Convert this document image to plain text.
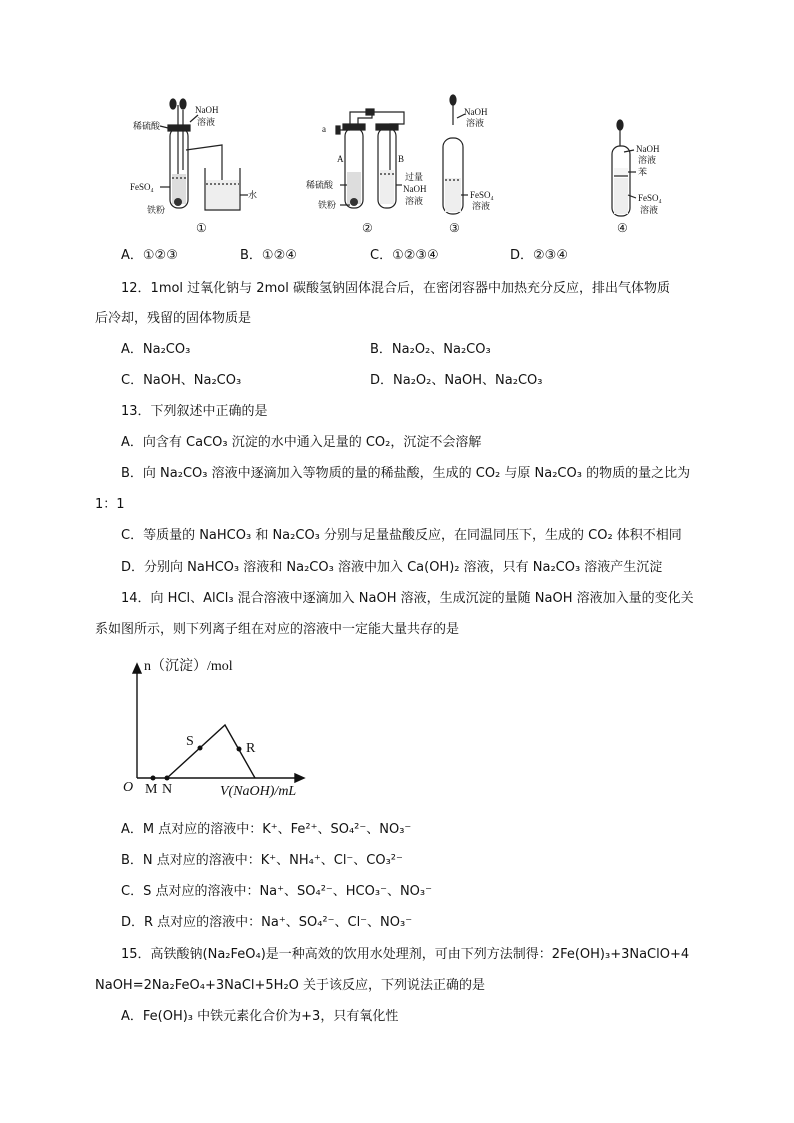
稀硫酸
NaOH
溶液
FeSO₄
铁粉
水
①
a
A	B
稀硫酸
铁粉
过量
NaOH
溶液
②
NaOH
溶液
FeSO₄
溶液
③
NaOH
溶液
苯
FeSO₄
溶液
④
A．①②③	B．①②④	C．①②③④	D．②③④
12．1mol 过氧化钠与 2mol 碳酸氢钠固体混合后，在密闭容器中加热充分反应，排出气体物质
后冷却，残留的固体物质是
A．Na₂CO₃	B．Na₂O₂、Na₂CO₃
C．NaOH、Na₂CO₃	D．Na₂O₂、NaOH、Na₂CO₃
13．下列叙述中正确的是
A．向含有 CaCO₃ 沉淀的水中通入足量的 CO₂，沉淀不会溶解
B．向 Na₂CO₃ 溶液中逐滴加入等物质的量的稀盐酸，生成的 CO₂ 与原 Na₂CO₃ 的物质的量之比为
1：1
C．等质量的 NaHCO₃ 和 Na₂CO₃ 分别与足量盐酸反应，在同温同压下，生成的 CO₂ 体积不相同
D．分别向 NaHCO₃ 溶液和 Na₂CO₃ 溶液中加入 Ca(OH)₂ 溶液，只有 Na₂CO₃ 溶液产生沉淀
14．向 HCl、AlCl₃ 混合溶液中逐滴加入 NaOH 溶液，生成沉淀的量随 NaOH 溶液加入量的变化关
系如图所示，则下列离子组在对应的溶液中一定能大量共存的是
n（沉淀）/mol
V(NaOH)/mL
O M N
S	R
A．M 点对应的溶液中：K⁺、Fe²⁺、SO₄²⁻、NO₃⁻
B．N 点对应的溶液中：K⁺、NH₄⁺、Cl⁻、CO₃²⁻
C．S 点对应的溶液中：Na⁺、SO₄²⁻、HCO₃⁻、NO₃⁻
D．R 点对应的溶液中：Na⁺、SO₄²⁻、Cl⁻、NO₃⁻
15．高铁酸钠(Na₂FeO₄)是一种高效的饮用水处理剂，可由下列方法制得：2Fe(OH)₃+3NaClO+4
NaOH=2Na₂FeO₄+3NaCl+5H₂O 关于该反应，下列说法正确的是
A．Fe(OH)₃ 中铁元素化合价为+3，只有氧化性
